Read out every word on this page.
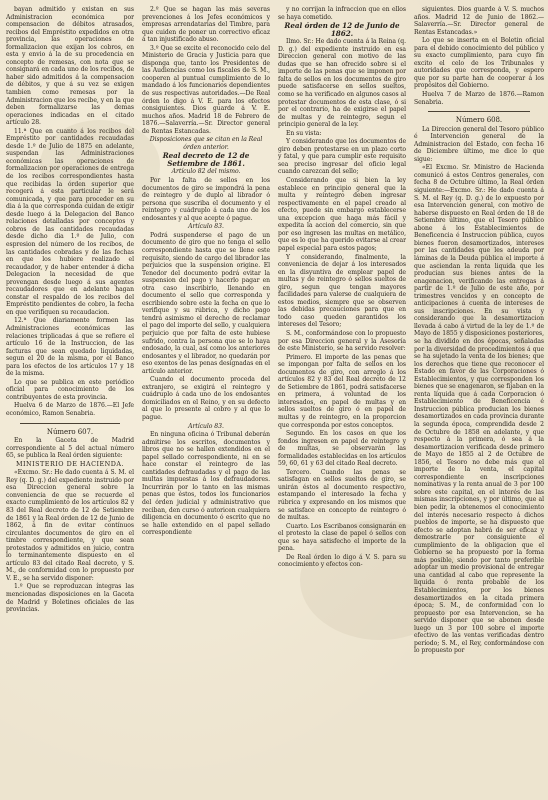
bayan admitido y existan en sus Administracion económica por compensacion de débitos atrasados, recibos del Empréstito expedidos en otra provincia, las operaciones de formalizacion que exijan los cobros, en esta y envio á la de su procedencia en concepto de remesas, con nota que se consignará en cada uno de los recibos, de haber sido admitidos á la compensacion de débitos, y que á su vez se exigen tambien como remesas por la Administracion que los recibe, y en la que deben formalizarse las demas operaciones indicadas en el citado artículo 28.

11.ª Que en cuanto á los recibos del Empréstito por cantidades recaudadas desde 1.º de Julio de 1875 en adelante, suspendan las Administraciones económicas las operaciones de formalizacion por operaciones de entrega de los recibos correspondientes hasta que recibidas la órden superior que recogerá á esta particular le será comunicada, y que para proceder en su dia á la que corresponda cuidan de exigir desde luego á la Delegacion del Banco relaciones detalladas por conceptos y cobros de las cantidades recaudadas desde dicho dia 1.º de Julio, con espresion del número de los recibos, de las cantidades cobradas y de las fechas en que los hubiere realizado el recaudador, y de haber entender á dicha Delegacion la necesidad de que provengan desde luego á sus agentes recaudadores que en adelante hagan constar el respaldo de los recibos del Empréstito pendientes de cobro, la fecha en que verifiquen su recaudacion.

12.ª Que diariamente formen las Administraciones económicas las relaciones triplicadas á que se refiere el artículo 16 de la Instruccion, de las facturas que sean quedado liquidadas, segun el 20 de la misma, por el Banco para los efectos de los artículos 17 y 18 de la misma.

Lo que se publica en este periódico oficial para conocimiento de los contribuyentes de esta provincia.

Huelva 6 de Marzo de 1876.—El Jefe económico, Ramon Senabria.

Número 607.

En la Gaceta de Madrid correspondiente al 5 del actual número 65, se publica la Real órden siguiente:

MINISTERIO DE HACIENDA.

«Excmo. Sr.: He dado cuenta á S. M. el Rey (q. D. g.) del expediente instruido por esa Direccion general sobre la conveniencia de que se recuerde el exacto cumplimiento de los artículos 82 y 83 del Real decreto de 12 de Setiembre de 1861 y la Real órden de 12 de Junio de 1862, á fin de evitar contínuos circulantes documentos de giro en el timbre correspondiente, y que sean protestados y admitidos en juicio, contra lo terminantemente dispuesto en el artículo 83 del citado Real decreto, y S. M., de conformidad con lo propuesto por V. E., se ha servido disponer:

1.º Que se reproduzcan íntegras las mencionadas disposiciones en la Gaceta de Madrid y Boletines oficiales de las provincias.

2.º Que se hagan las más severas prevenciones á los Jefes económicos y empresas arrendatarias del Timbre, para que cuiden de poner un correctivo eficaz á tan injustificado abuso.

3.º Que se excite el reconocido celo del Ministerio de Gracia y Justicia para que disponga que, tanto los Presidentes de las Audiencias como los fiscales de S. M., cooperen al puntual cumplimiento de lo mandado á los funcionarios dependientes de sus respectivas autoridades.—De Real órden lo digo á V. E. para los efectos consiguientes. Dios guarde á V. E. muchos años. Madrid 18 de Febrero de 1876.—Salaverría.—Sr. Director general de Rentas Estancadas.

Disposiciones que se citan en la Real órden anterior.

Real decreto de 12 de Setiembre de 1861.

Artículo 82 del mismo.

Por la falta de sellos en los documentos de giro se impondrá la pena de reintegro y de duplo al librador ó persona que suscriba el documento y el reintegro y cuádruplo á cada uno de los endosantes y al que acepte ó pague.

Artículo 83.

Podrá suspenderse el pago de un documento de giro que no tenga el sello correspondiente hasta que se llene este requisito, siendo de cargo del librador las perjuicios que la suspension origine. El Tenedor del documento podrá evitar la suspension del pago y hacerlo pagar en otra caso inscribirlo, llenando en documento el sello que corresponda y escribiendo sobre este la fecha en que lo verifique y su rúbrica, y dicho pago tendrá asimismo el derecho de reclamar el pago del importe del sello, y cualquiera perjuicio que por falta de este hubiese sufrido, contra la persona que se lo haya endosado, la cual, así como los anteriores endosantes y el librador, no quedarán por eso exentos de las penas designadas en el artículo anterior.

Cuando el documento proceda del extranjero, se exigirá el reintegro y cuádruplo á cada uno de los endosantes domiciliados en el Reino, y en su defecto al que lo presente al cobro y al que lo pague.

Artículo 83.

En ninguna oficina ó Tribunal deberán admitirse los escritos, documentos y libros que no se hallen extendidos en el papel sellado correspondiente, ni en se hace constar el reintegro de las cantidades defraudadas y el pago de las multas impuestas á los defraudadores. Incurrirán por lo tanto en las mismas penas que éstos, todos los funcionarios del órden judicial y administrativo que reciban, den curso ó autoricen cualquiera diligencia en documento ó escrito que no se halle extendido en el papel sellado correspondiente

y no corrijan la infraccion que en ellos se haya cometido.

Real órden de 12 de Junio de 1862.

Ilmo. Sr.: He dado cuenta á la Reina (q. D. g.) del expediente instruido en esa Direccion general con motivo de las dudas que se han ofrecido sobre si el importe de las penas que se imponen por falta de sellos en los documentos de giro puede satisfacerse en sellos sueltos, como se ha verificado en algunos casos al protestar documentos de esta clase, ó si por el contrario, ha de exigirse el papel de multas y de reintegro, segun el principio general de la ley.

En su vista:

Y considerando que los documentos de giro deben protestarse en un plazo corto y fatal, y que para cumplir este requisito sea preciso ingresar del oficio legal cuando carezcan del sello;

Considerando que si bien la ley establece en principio general que la multa y reintegro deben ingresar respectivamente en el papel creado al efecto, puede sin embargo establecerse una excepcion que haga más fácil y expedita la accion del comercio, sin que por eso ingresen las multas en metálico, que es lo que ha querido evitarse al crear papel especial para estos pagos;

Y considerando, finalmente, la conveniencia de dejar á los interesados en la disyuntiva de emplear papel de multas y de reintegro ó sellos sueltos de giro, segun que tengan mayores facilidades para valerse de cualquiera de estos medios, siempre que se observen las debidas precauciones para que en todo caso queden garantidos los intereses del Tesoro;

S. M., conformándose con lo propuesto por esa Direccion general y la Asesoría de este Ministerio, se ha servido resolver:

Primero. El importe de las penas que se impongan por falta de sellos en los documentos de giro, con arreglo á los artículos 82 y 83 del Real decreto de 12 de Setiembre de 1861, podrá satisfacerse en primera, á voluntad de los interesados, en papel de multas y en sellos sueltos de giro ó en papel de multas y de reintegro, en la proporcion que corresponda por estos conceptos.

Segundo. En los casos en que los fondos ingresen en papel de reintegro y de multas, se observarán las formalidades establecidas en los artículos 59, 60, 61 y 63 del citado Real decreto.

Tercero. Cuando las penas se satisfagan en sellos sueltos de giro, se unirán éstos al documento respectivo, estampando el interesado la fecha y rúbrica y expresando en los mismos que se satisface en concepto de reintegro ó de multas.

Cuarto. Los Escribanos consignarán en el protesto la clase de papel ó sellos con que se haya satisfecho el importe de la pena.

De Real órden lo digo á V. S. para su conocimiento y efectos con-

siguientes. Dios guarde á V. S. muchos años. Madrid 12 de Junio de 1862.—Salaverría.—Sr. Director general de Rentas Estancadas.»

Lo que se inserta en el Boletin oficial para el debido conocimiento del público y su exacto cumplimiento, para cuyo fin excito el celo de los Tribunales y autoridades que corresponda, y espero que por su parte han de cooperar á los propósitos del Gobierno.

Huelva 7 de Marzo de 1876.—Ramon Senabria.

Número 608.

La Direccion general del Tesoro público é Intervencion general de la Administracion del Estado, con fecha 16 de Diciembre último, me dice lo que sigue:

«El Excmo. Sr. Ministro de Hacienda comunicó á estos Centros generales, con fecha 8 de Octubre último, la Real órden siguiente:—Excmo. Sr.: He dado cuenta á S. M. el Rey (q. D. g.) de lo expuesto por esa Intervencion general, con motivo de haberse dispuesto en Real órden de 18 de Setiembre último, que el Tesoro público abone á los Establecimientos de Beneficencia é Instruccion pública, cuyos bienes fueron desamortizados, intereses por las cantidades que les adeuda por láminas de la Deuda pública el importe á que asciendan la renta liquida que les producian sus bienes antes de la enagenacion, verificando las entregas á partir de 1.º de Julio de este año, por trimestres vencidos y en concepto de anticipaciones á cuenta de intereses de sus inscripciones. En su vista y considerando que la desamortizacion llevada á cabo á virtud de la ley de 1.º de Mayo de 1855 y disposiciones posteriores, se ha dividido en dos épocas, señaladas por la diversidad de procedimientos á que se ha sujetado la venta de los bienes; que los derechos que tiene que reconocer el Estado en favor de las Corporaciones ó Establecimientos, y que corresponden los bienes que se enagenaron, se fijaban en la renta líquida que á cada Corporacion ó Establecimiento de Beneficencia é Instruccion pública producian los bienes desamortizados en cada provincia durante la segunda época, comprendida desde 2 de Octubre de 1858 en adelante, y que respecto á la primera, ó sea á la desamortizacion verificada desde primero de Mayo de 1855 al 2 de Octubre de 1856, el Tesoro no debe más que el importe de la venta, el capital correspondiente en inscripciones nominativas y la renta anual de 3 por 100 sobre este capital, en el interés de las mismas inscripciones, y por último, que al bien pedir, la obtenemos el conocimiento del interés necesario respecto á dichos pueblos de importe, se ha dispuesto que efecto se adoptan habrá de ser eficaz y demostrarle por consiguiente el cumplimiento de la obligacion que el Gobierno se ha propuesto por la forma más posible, siendo por tanto preferible adoptar un medio provisional de entregar una cantidad al cabo que represente la liquida ó renta probable de los Establecimientos, por los bienes desamortizados en la citada primera época; S. M., de conformidad con lo propuesto por esa Intervencion, se ha servido disponer que se abonen desde luego un 3 por 100 sobre el importe efectivo de las ventas verificadas dentro período; S. M., el Rey, conformándose con lo propuesto por
